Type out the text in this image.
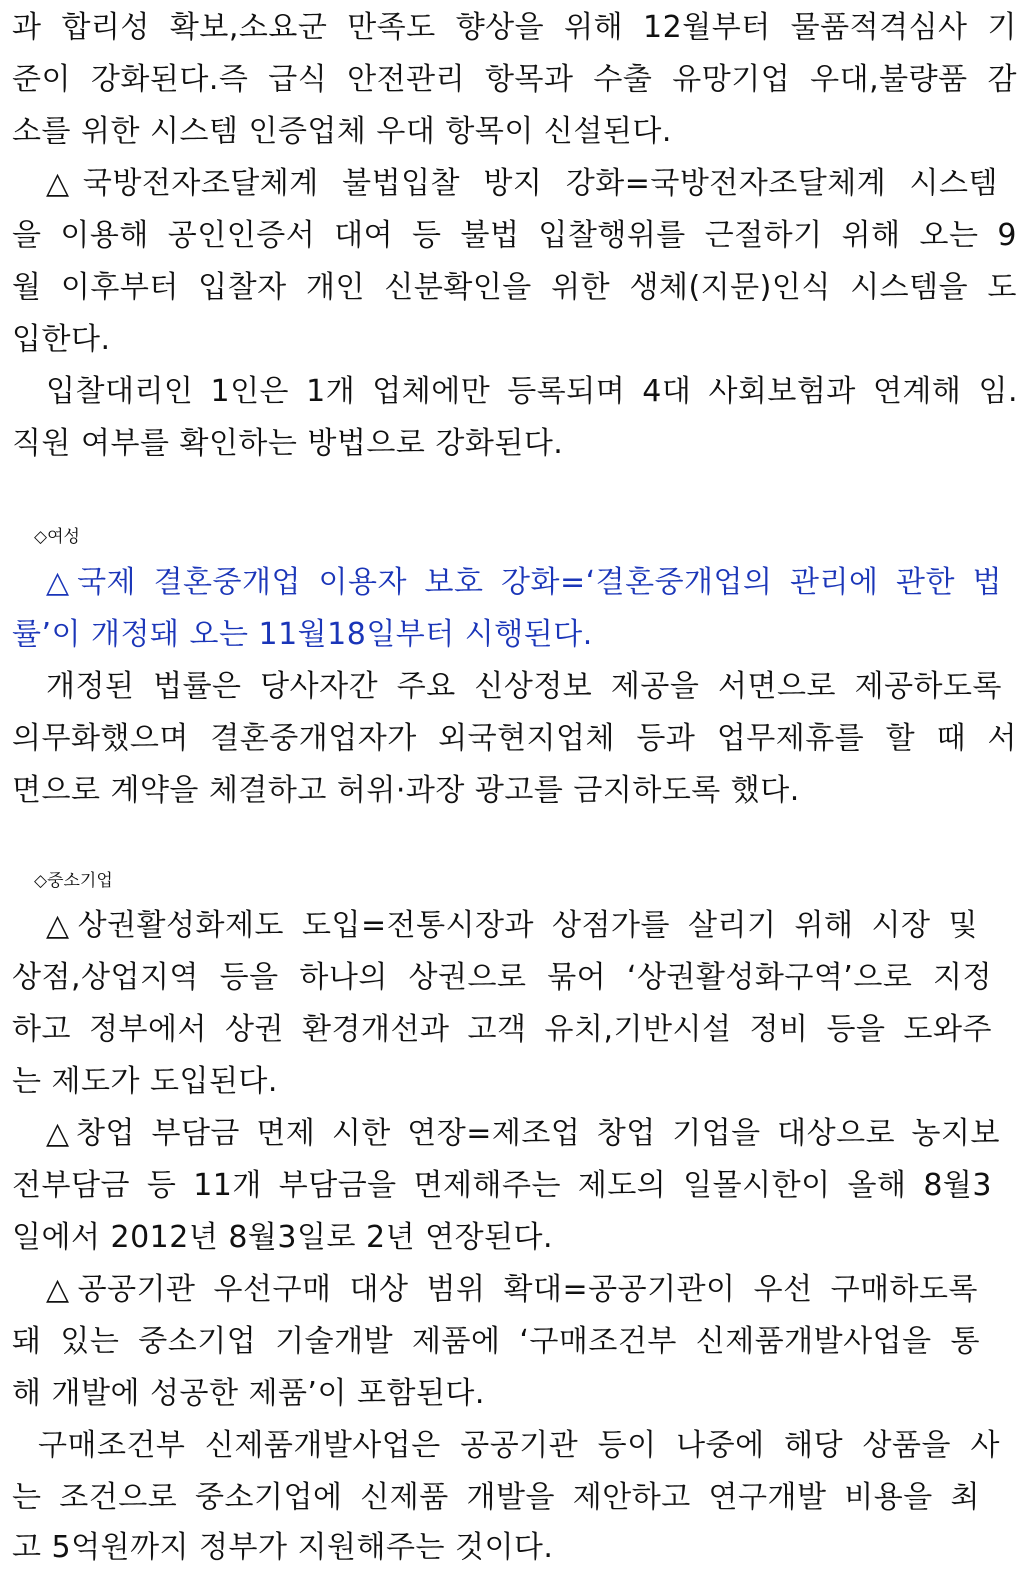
과 합리성 확보,소요군 만족도 향상을 위해 12월부터 물품적격심사 기
준이 강화된다.즉 급식 안전관리 항목과 수출 유망기업 우대,불량품 감
소를 위한 시스템 인증업체 우대 항목이 신설된다.
△국방전자조달체계 불법입찰 방지 강화=국방전자조달체계 시스템
을 이용해 공인인증서 대여 등 불법 입찰행위를 근절하기 위해 오는 9
월 이후부터 입찰자 개인 신분확인을 위한 생체(지문)인식 시스템을 도
입한다.
입찰대리인 1인은 1개 업체에만 등록되며 4대 사회보험과 연계해 임.
직원 여부를 확인하는 방법으로 강화된다.
◇여성
△국제 결혼중개업 이용자 보호 강화=‘결혼중개업의 관리에 관한 법
률’이 개정돼 오는 11월18일부터 시행된다.
개정된 법률은 당사자간 주요 신상정보 제공을 서면으로 제공하도록
의무화했으며 결혼중개업자가 외국현지업체 등과 업무제휴를 할 때 서
면으로 계약을 체결하고 허위·과장 광고를 금지하도록 했다.
◇중소기업
△상권활성화제도 도입=전통시장과 상점가를 살리기 위해 시장 및
상점,상업지역 등을 하나의 상권으로 묶어 ‘상권활성화구역’으로 지정
하고 정부에서 상권 환경개선과 고객 유치,기반시설 정비 등을 도와주
는 제도가 도입된다.
△창업 부담금 면제 시한 연장=제조업 창업 기업을 대상으로 농지보
전부담금 등 11개 부담금을 면제해주는 제도의 일몰시한이 올해 8월3
일에서 2012년 8월3일로 2년 연장된다.
△공공기관 우선구매 대상 범위 확대=공공기관이 우선 구매하도록
돼 있는 중소기업 기술개발 제품에 ‘구매조건부 신제품개발사업을 통
해 개발에 성공한 제품’이 포함된다.
구매조건부 신제품개발사업은 공공기관 등이 나중에 해당 상품을 사
는 조건으로 중소기업에 신제품 개발을 제안하고 연구개발 비용을 최
고 5억원까지 정부가 지원해주는 것이다.
